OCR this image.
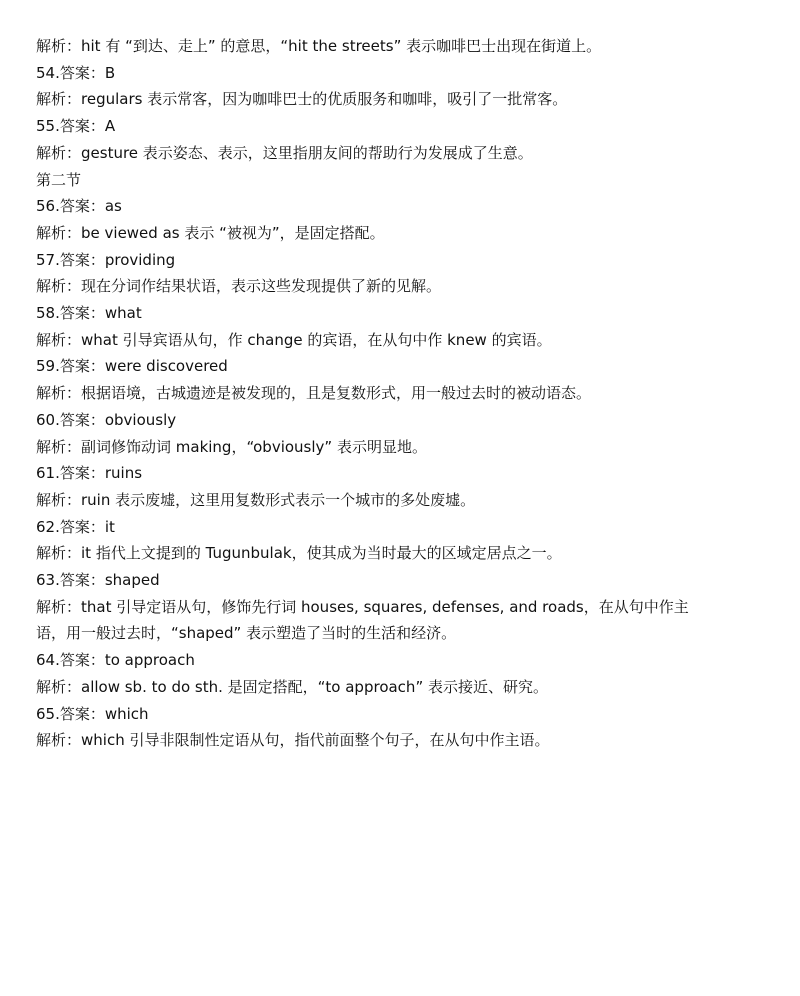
解析：hit 有 “到达、走上” 的意思，“hit the streets” 表示咖啡巴士出现在街道上。
54.答案：B
解析：regulars 表示常客，因为咖啡巴士的优质服务和咖啡，吸引了一批常客。
55.答案：A
解析：gesture 表示姿态、表示，这里指朋友间的帮助行为发展成了生意。
第二节
56.答案：as
解析：be viewed as 表示 “被视为”，是固定搭配。
57.答案：providing
解析：现在分词作结果状语，表示这些发现提供了新的见解。
58.答案：what
解析：what 引导宾语从句，作 change 的宾语，在从句中作 knew 的宾语。
59.答案：were discovered
解析：根据语境，古城遗迹是被发现的，且是复数形式，用一般过去时的被动语态。
60.答案：obviously
解析：副词修饰动词 making，“obviously” 表示明显地。
61.答案：ruins
解析：ruin 表示废墟，这里用复数形式表示一个城市的多处废墟。
62.答案：it
解析：it 指代上文提到的 Tugunbulak，使其成为当时最大的区域定居点之一。
63.答案：shaped
解析：that 引导定语从句，修饰先行词 houses, squares, defenses, and roads，在从句中作主
语，用一般过去时，“shaped” 表示塑造了当时的生活和经济。
64.答案：to approach
解析：allow sb. to do sth. 是固定搭配，“to approach” 表示接近、研究。
65.答案：which
解析：which 引导非限制性定语从句，指代前面整个句子，在从句中作主语。
